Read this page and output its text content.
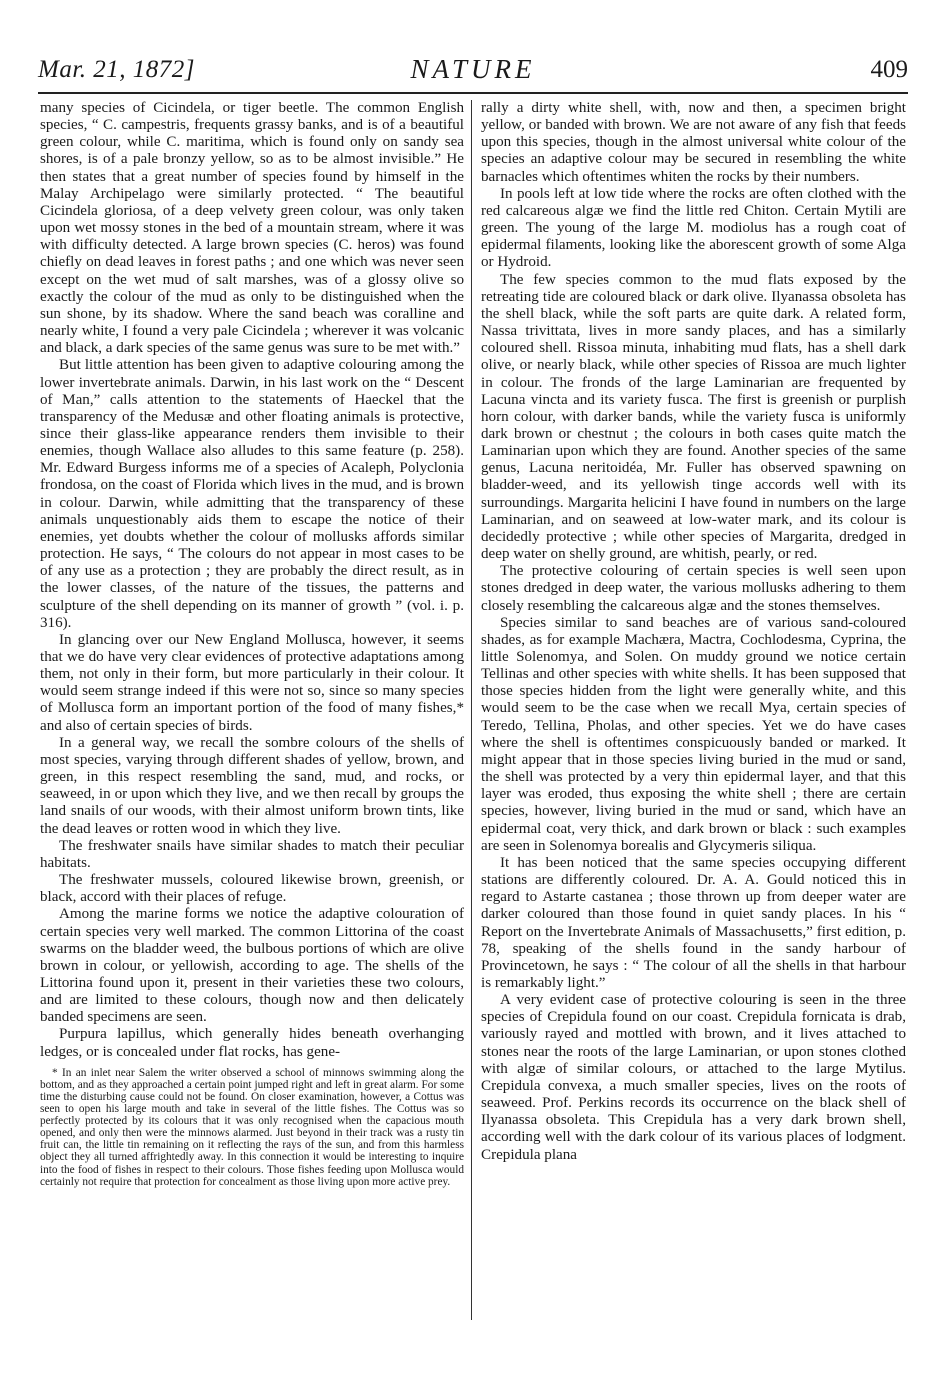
Mar. 21, 1872]	NATURE	409

many species of Cicindela, or tiger beetle. The common English species, “ C. campestris, frequents grassy banks, and is of a beautiful green colour, while C. maritima, which is found only on sandy sea shores, is of a pale bronzy yellow, so as to be almost invisible.” He then states that a great number of species found by himself in the Malay Archipelago were similarly protected. “ The beautiful Cicindela gloriosa, of a deep velvety green colour, was only taken upon wet mossy stones in the bed of a mountain stream, where it was with difficulty detected. A large brown species (C. heros) was found chiefly on dead leaves in forest paths ; and one which was never seen except on the wet mud of salt marshes, was of a glossy olive so exactly the colour of the mud as only to be distinguished when the sun shone, by its shadow. Where the sand beach was coralline and nearly white, I found a very pale Cicindela ; wherever it was volcanic and black, a dark species of the same genus was sure to be met with.”

But little attention has been given to adaptive colouring among the lower invertebrate animals. Darwin, in his last work on the “ Descent of Man,” calls attention to the statements of Haeckel that the transparency of the Medusæ and other floating animals is protective, since their glass-like appearance renders them invisible to their enemies, though Wallace also alludes to this same feature (p. 258). Mr. Edward Burgess informs me of a species of Acaleph, Polyclonia frondosa, on the coast of Florida which lives in the mud, and is brown in colour. Darwin, while admitting that the transparency of these animals unquestionably aids them to escape the notice of their enemies, yet doubts whether the colour of mollusks affords similar protection. He says, “ The colours do not appear in most cases to be of any use as a protection ; they are probably the direct result, as in the lower classes, of the nature of the tissues, the patterns and sculpture of the shell depending on its manner of growth ” (vol. i. p. 316).

In glancing over our New England Mollusca, however, it seems that we do have very clear evidences of protective adaptations among them, not only in their form, but more particularly in their colour. It would seem strange indeed if this were not so, since so many species of Mollusca form an important portion of the food of many fishes,* and also of certain species of birds.

In a general way, we recall the sombre colours of the shells of most species, varying through different shades of yellow, brown, and green, in this respect resembling the sand, mud, and rocks, or seaweed, in or upon which they live, and we then recall by groups the land snails of our woods, with their almost uniform brown tints, like the dead leaves or rotten wood in which they live.

The freshwater snails have similar shades to match their peculiar habitats.

The freshwater mussels, coloured likewise brown, greenish, or black, accord with their places of refuge.

Among the marine forms we notice the adaptive colouration of certain species very well marked. The common Littorina of the coast swarms on the bladder weed, the bulbous portions of which are olive brown in colour, or yellowish, according to age. The shells of the Littorina found upon it, present in their varieties these two colours, and are limited to these colours, though now and then delicately banded specimens are seen.

Purpura lapillus, which generally hides beneath overhanging ledges, or is concealed under flat rocks, has gene-

* In an inlet near Salem the writer observed a school of minnows swimming along the bottom, and as they approached a certain point jumped right and left in great alarm. For some time the disturbing cause could not be found. On closer examination, however, a Cottus was seen to open his large mouth and take in several of the little fishes. The Cottus was so perfectly protected by its colours that it was only recognised when the capacious mouth opened, and only then were the minnows alarmed. Just beyond in their track was a rusty tin fruit can, the little tin remaining on it reflecting the rays of the sun, and from this harmless object they all turned affrightedly away. In this connection it would be interesting to inquire into the food of fishes in respect to their colours. Those fishes feeding upon Mollusca would certainly not require that protection for concealment as those living upon more active prey.

rally a dirty white shell, with, now and then, a specimen bright yellow, or banded with brown. We are not aware of any fish that feeds upon this species, though in the almost universal white colour of the species an adaptive colour may be secured in resembling the white barnacles which oftentimes whiten the rocks by their numbers.

In pools left at low tide where the rocks are often clothed with the red calcareous algæ we find the little red Chiton. Certain Mytili are green. The young of the large M. modiolus has a rough coat of epidermal filaments, looking like the aborescent growth of some Alga or Hydroid.

The few species common to the mud flats exposed by the retreating tide are coloured black or dark olive. Ilyanassa obsoleta has the shell black, while the soft parts are quite dark. A related form, Nassa trivittata, lives in more sandy places, and has a similarly coloured shell. Rissoa minuta, inhabiting mud flats, has a shell dark olive, or nearly black, while other species of Rissoa are much lighter in colour. The fronds of the large Laminarian are frequented by Lacuna vincta and its variety fusca. The first is greenish or purplish horn colour, with darker bands, while the variety fusca is uniformly dark brown or chestnut ; the colours in both cases quite match the Laminarian upon which they are found. Another species of the same genus, Lacuna neritoidéa, Mr. Fuller has observed spawning on bladder-weed, and its yellowish tinge accords well with its surroundings. Margarita helicini I have found in numbers on the large Laminarian, and on seaweed at low-water mark, and its colour is decidedly protective ; while other species of Margarita, dredged in deep water on shelly ground, are whitish, pearly, or red.

The protective colouring of certain species is well seen upon stones dredged in deep water, the various mollusks adhering to them closely resembling the calcareous algæ and the stones themselves.

Species similar to sand beaches are of various sand-coloured shades, as for example Machæra, Mactra, Cochlodesma, Cyprina, the little Solenomya, and Solen. On muddy ground we notice certain Tellinas and other species with white shells. It has been supposed that those species hidden from the light were generally white, and this would seem to be the case when we recall Mya, certain species of Teredo, Tellina, Pholas, and other species. Yet we do have cases where the shell is oftentimes conspicuously banded or marked. It might appear that in those species living buried in the mud or sand, the shell was protected by a very thin epidermal layer, and that this layer was eroded, thus exposing the white shell ; there are certain species, however, living buried in the mud or sand, which have an epidermal coat, very thick, and dark brown or black : such examples are seen in Solenomya borealis and Glycymeris siliqua.

It has been noticed that the same species occupying different stations are differently coloured. Dr. A. A. Gould noticed this in regard to Astarte castanea ; those thrown up from deeper water are darker coloured than those found in quiet sandy places. In his “ Report on the Invertebrate Animals of Massachusetts,” first edition, p. 78, speaking of the shells found in the sandy harbour of Provincetown, he says : “ The colour of all the shells in that harbour is remarkably light.”

A very evident case of protective colouring is seen in the three species of Crepidula found on our coast. Crepidula fornicata is drab, variously rayed and mottled with brown, and it lives attached to stones near the roots of the large Laminarian, or upon stones clothed with algæ of similar colours, or attached to the large Mytilus. Crepidula convexa, a much smaller species, lives on the roots of seaweed. Prof. Perkins records its occurrence on the black shell of Ilyanassa obsoleta. This Crepidula has a very dark brown shell, according well with the dark colour of its various places of lodgment. Crepidula plana
